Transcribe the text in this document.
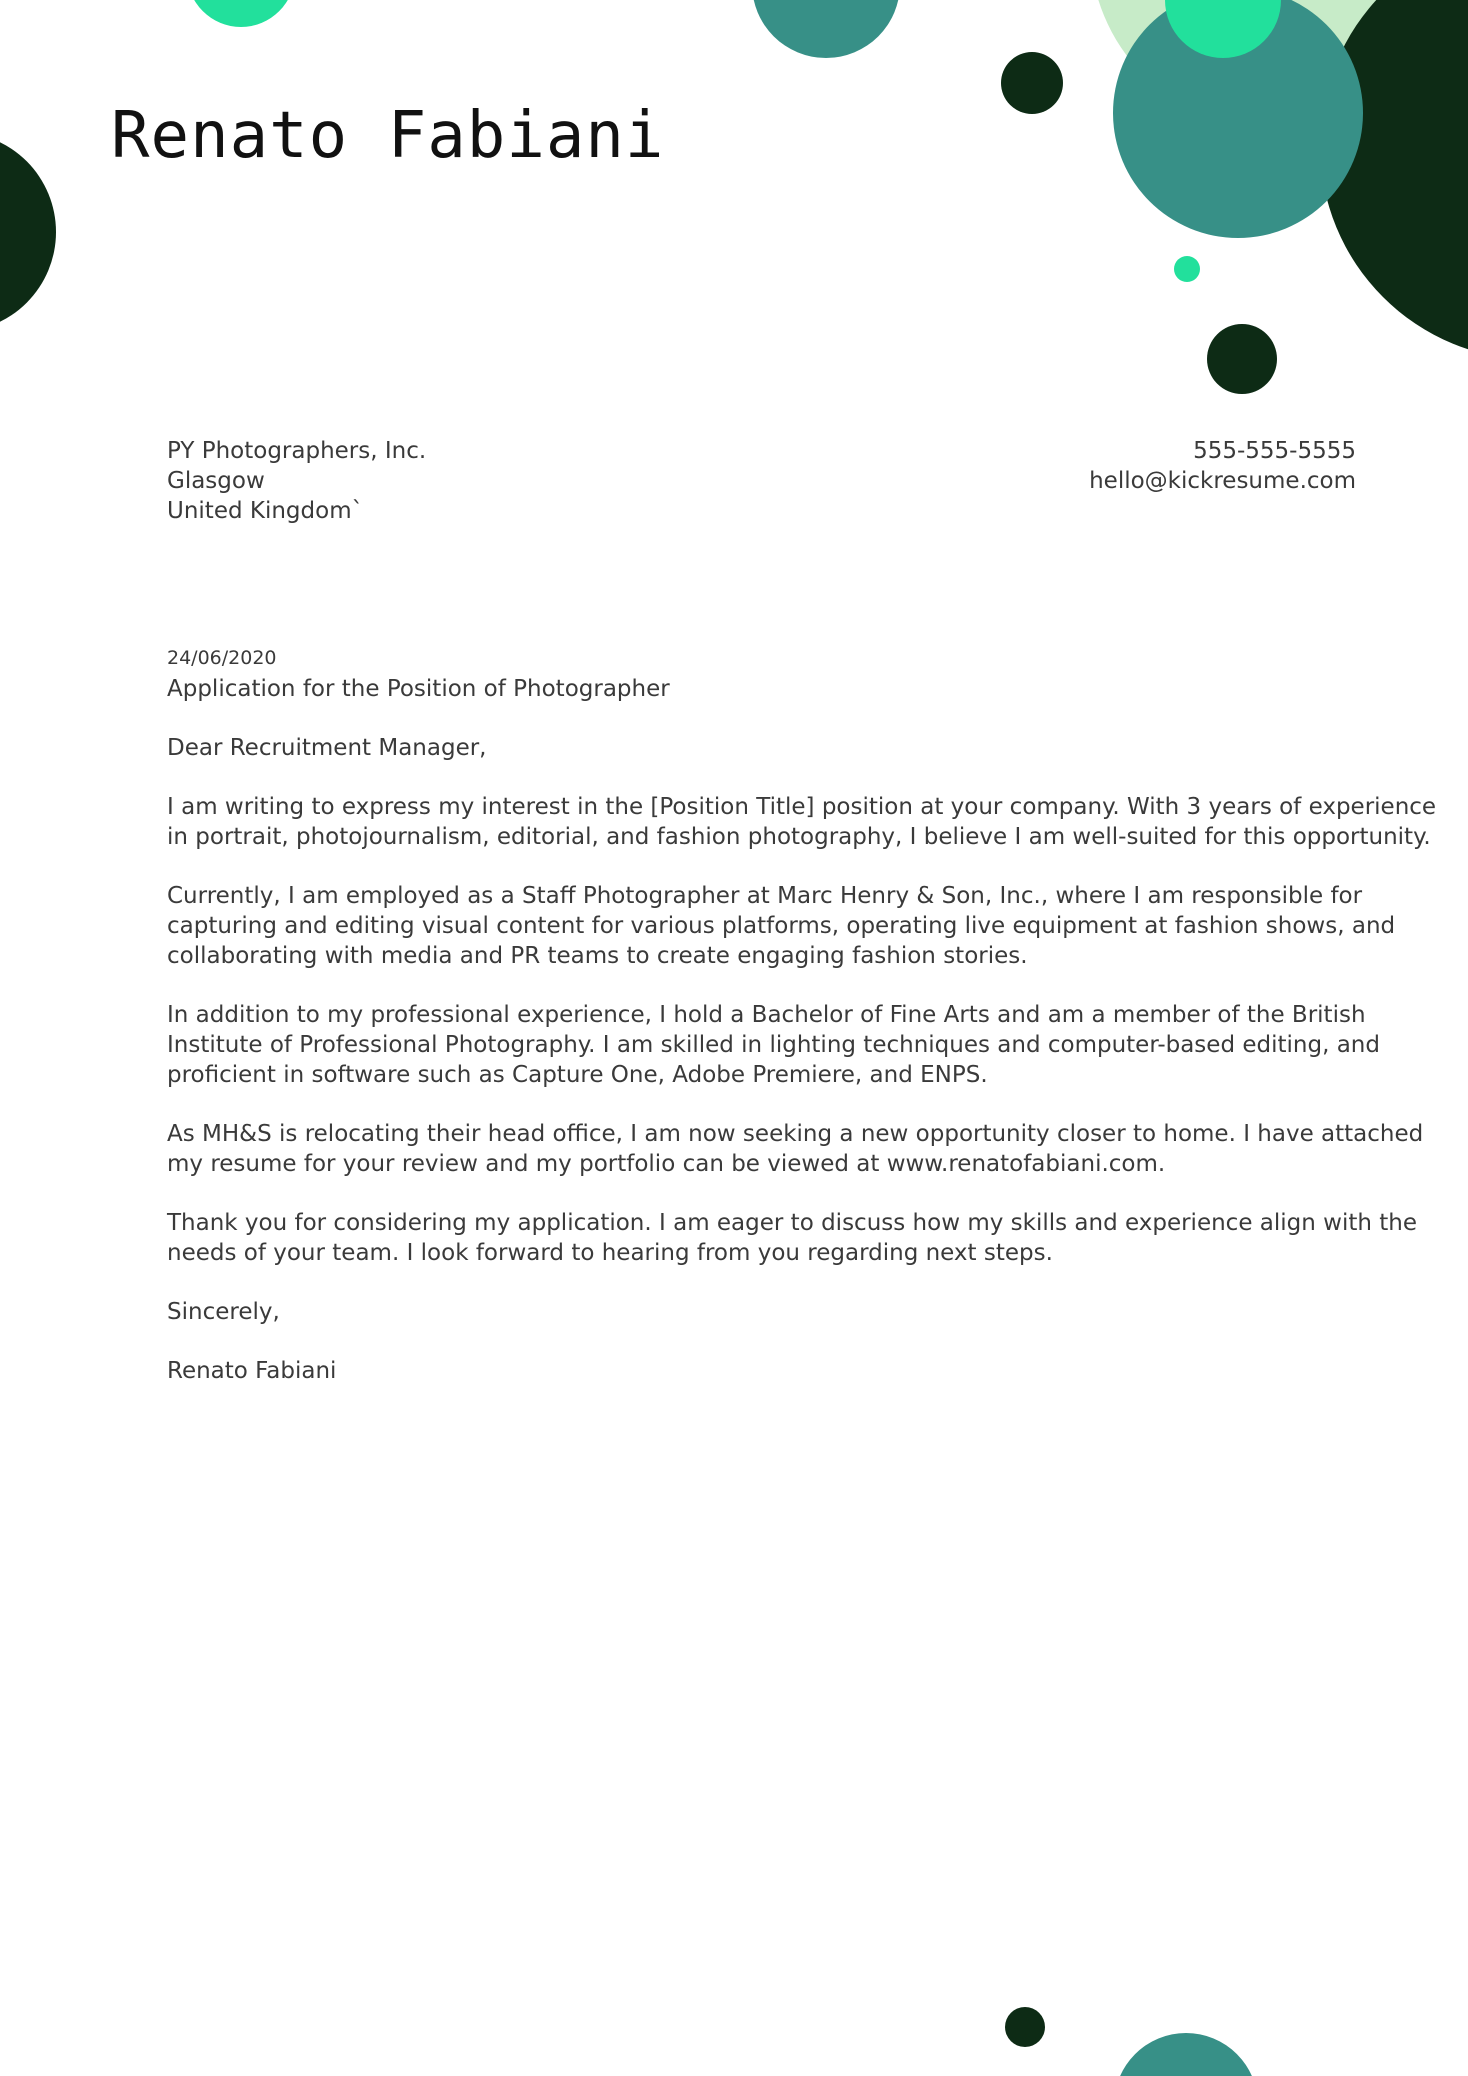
Renato Fabiani
PY Photographers, Inc.
Glasgow
United Kingdom`
555-555-5555
hello@kickresume.com
24/06/2020
Application for the Position of Photographer

Dear Recruitment Manager,

I am writing to express my interest in the [Position Title] position at your company. With 3 years of experience
in portrait, photojournalism, editorial, and fashion photography, I believe I am well-suited for this opportunity.

Currently, I am employed as a Staff Photographer at Marc Henry & Son, Inc., where I am responsible for
capturing and editing visual content for various platforms, operating live equipment at fashion shows, and
collaborating with media and PR teams to create engaging fashion stories.

In addition to my professional experience, I hold a Bachelor of Fine Arts and am a member of the British
Institute of Professional Photography. I am skilled in lighting techniques and computer-based editing, and
proficient in software such as Capture One, Adobe Premiere, and ENPS.

As MH&S is relocating their head office, I am now seeking a new opportunity closer to home. I have attached
my resume for your review and my portfolio can be viewed at www.renatofabiani.com.

Thank you for considering my application. I am eager to discuss how my skills and experience align with the
needs of your team. I look forward to hearing from you regarding next steps.

Sincerely,

Renato Fabiani
